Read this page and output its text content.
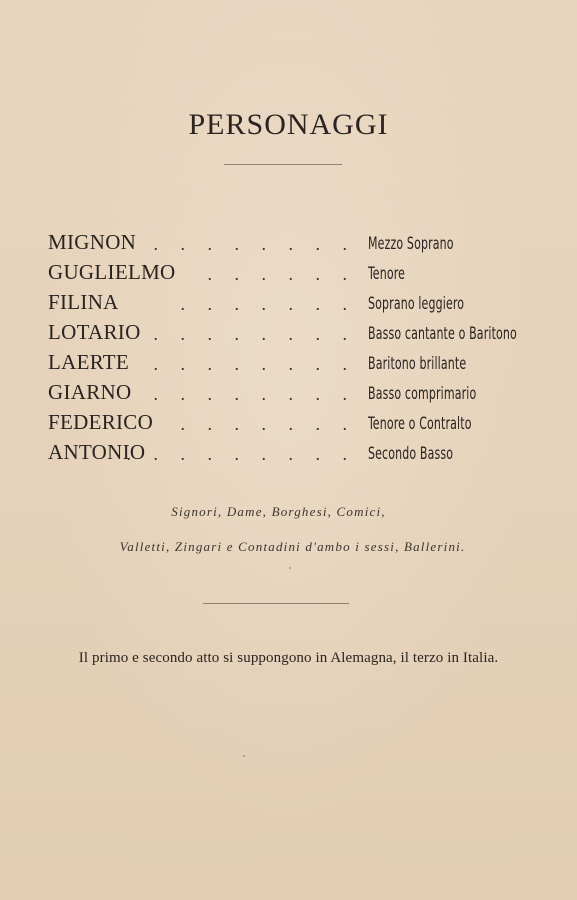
PERSONAGGI
MIGNON . . . . . . . . Mezzo Soprano
GUGLIELMO . . . . . . Tenore
FILINA	. . . . . . . Soprano leggiero
LOTARIO . . . . . . . . Basso cantante o Baritono
LAERTE . . . . . . . . Baritono brillante
GIARNO . . . . . . . . Basso comprimario
FEDERICO . . . . . . . Tenore o Contralto
ANTONIO
. . . . . . . . . Secondo Basso
Signori, Dame, Borghesi, Comici,
Valletti, Zingari e Contadini d'ambo i sessi, Ballerini.
Il primo e secondo atto si suppongono in Alemagna, il terzo in Italia.
